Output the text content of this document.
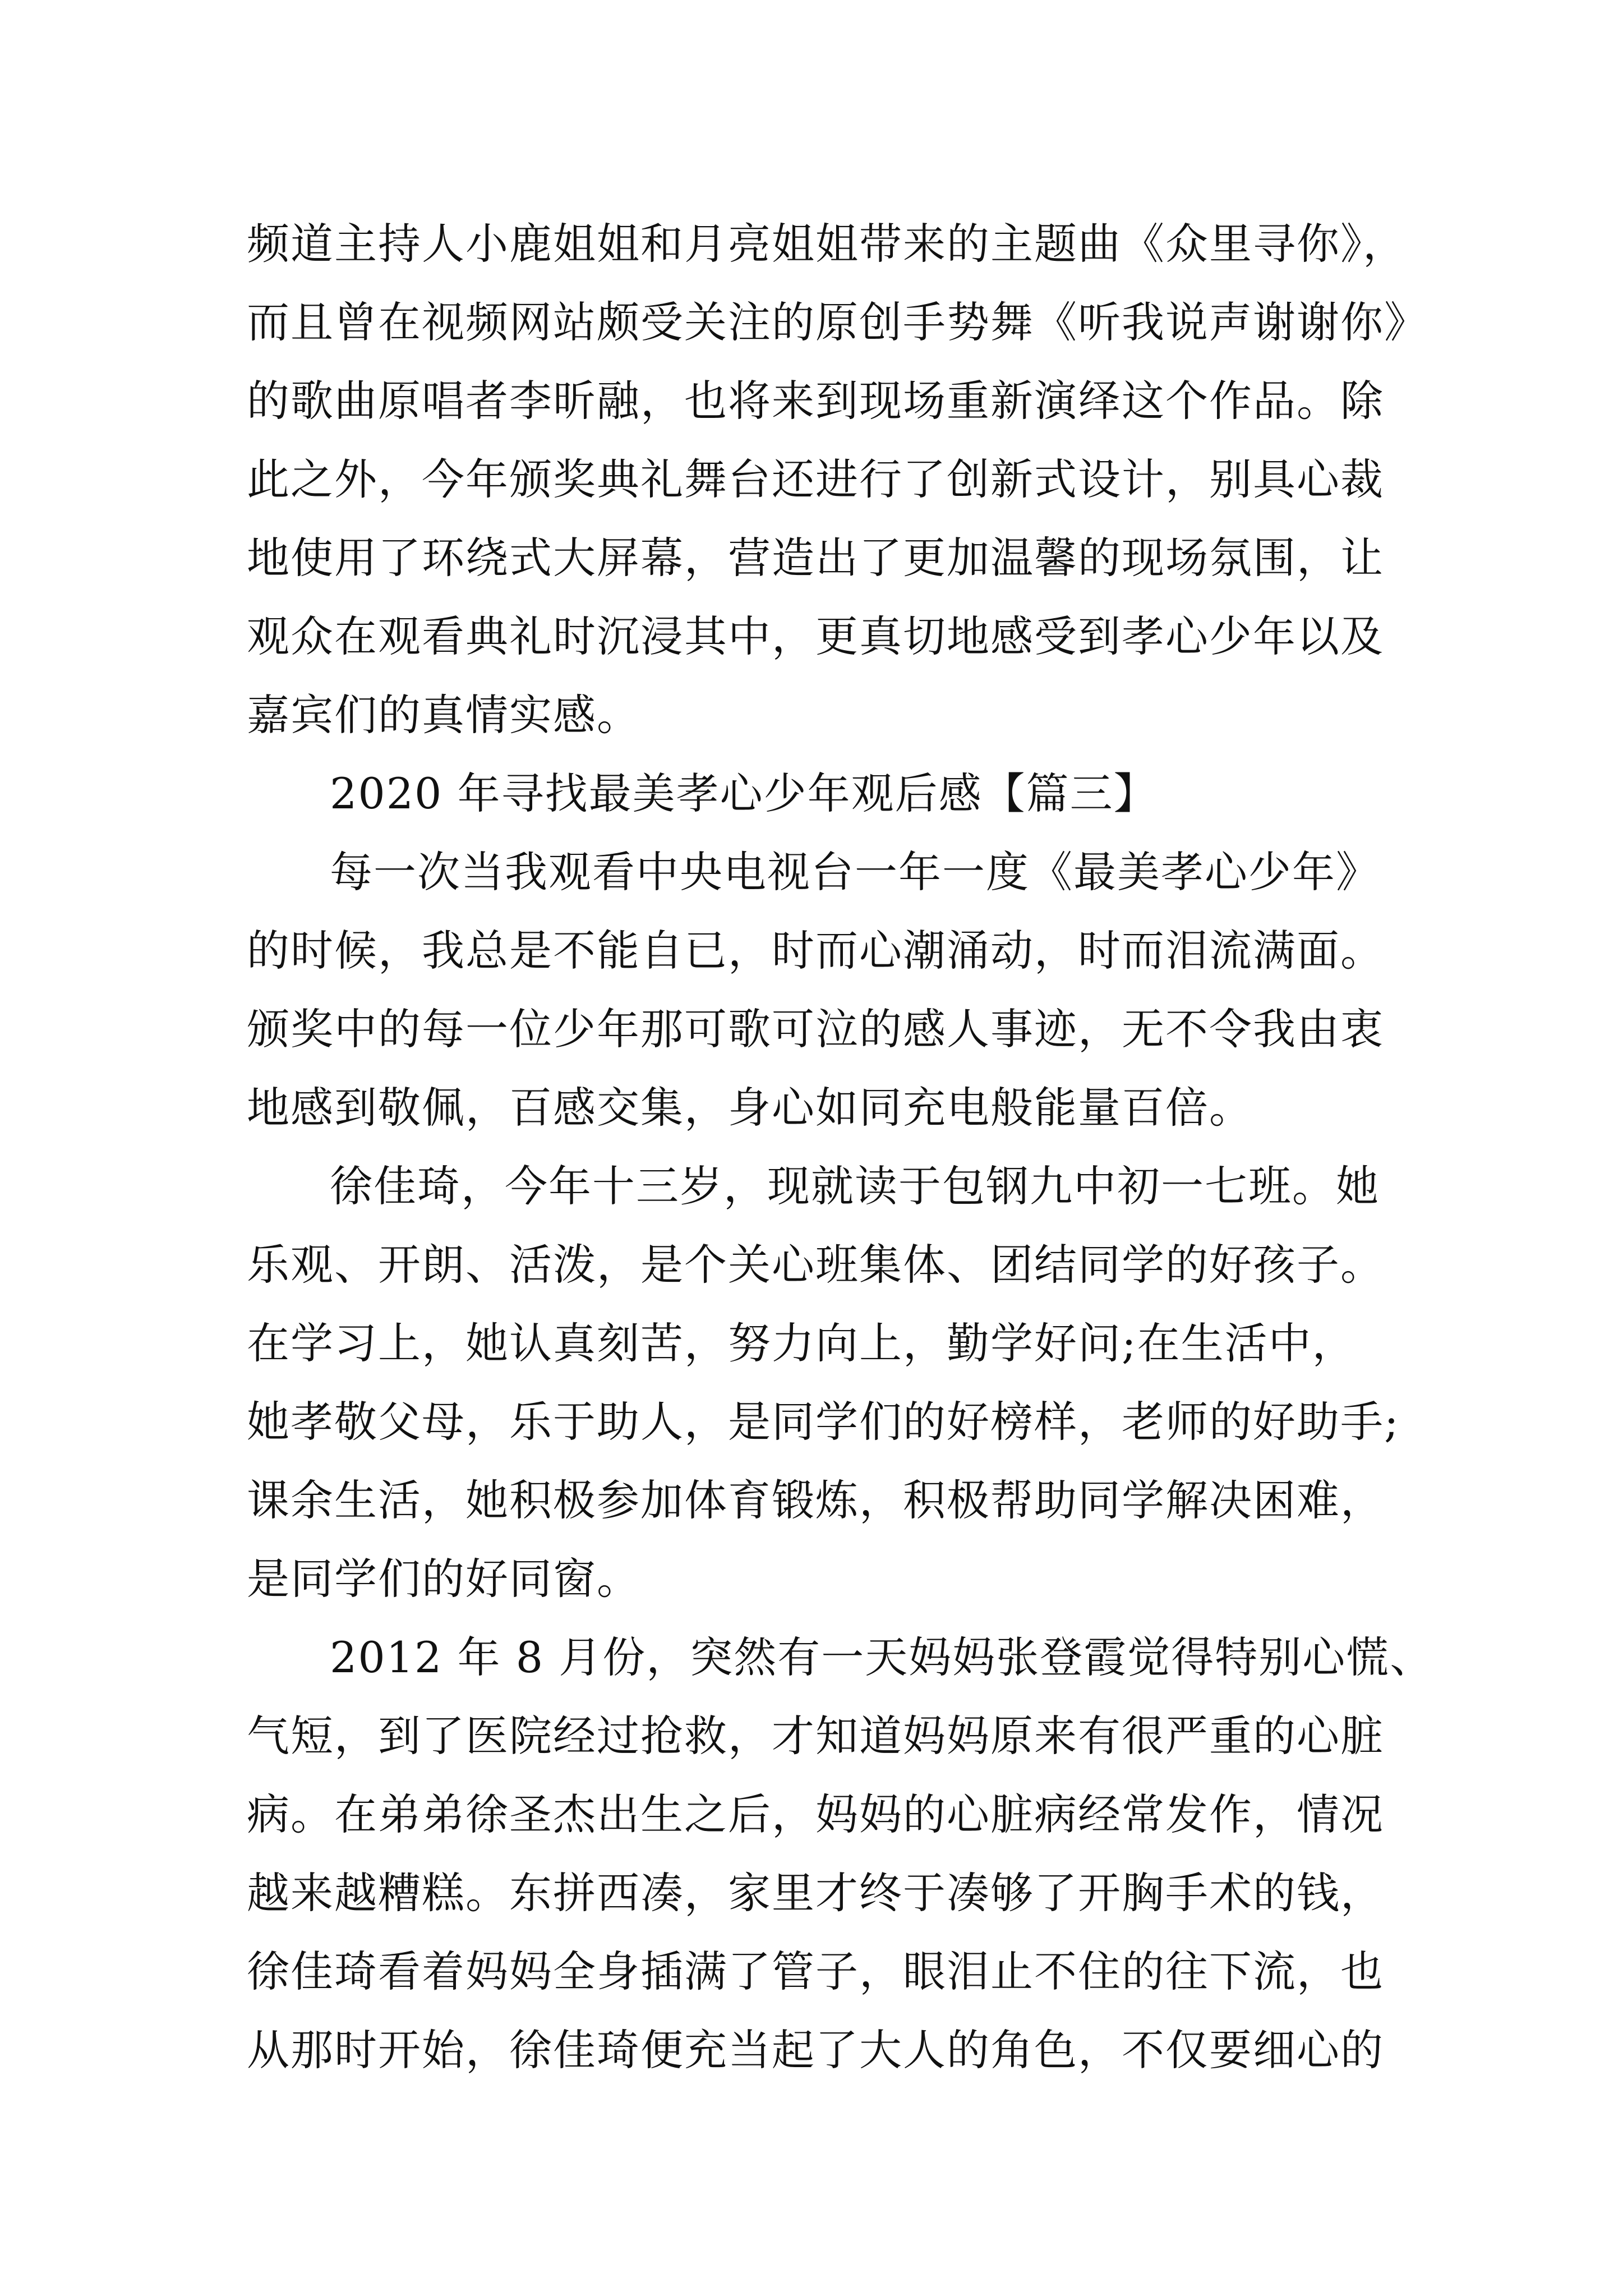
频道主持人小鹿姐姐和月亮姐姐带来的主题曲《众里寻你》，
而且曾在视频网站颇受关注的原创手势舞《听我说声谢谢你》
的歌曲原唱者李昕融，也将来到现场重新演绎这个作品。除
此之外，今年颁奖典礼舞台还进行了创新式设计，别具心裁
地使用了环绕式大屏幕，营造出了更加温馨的现场氛围，让
观众在观看典礼时沉浸其中，更真切地感受到孝心少年以及
嘉宾们的真情实感。
2020 年寻找最美孝心少年观后感【篇三】
每一次当我观看中央电视台一年一度《最美孝心少年》
的时候，我总是不能自已，时而心潮涌动，时而泪流满面。
颁奖中的每一位少年那可歌可泣的感人事迹，无不令我由衷
地感到敬佩，百感交集，身心如同充电般能量百倍。
徐佳琦，今年十三岁，现就读于包钢九中初一七班。她
乐观、开朗、活泼，是个关心班集体、团结同学的好孩子。
在学习上，她认真刻苦，努力向上，勤学好问;在生活中，
她孝敬父母，乐于助人，是同学们的好榜样，老师的好助手;
课余生活，她积极参加体育锻炼，积极帮助同学解决困难，
是同学们的好同窗。
2012 年 8 月份，突然有一天妈妈张登霞觉得特别心慌、
气短，到了医院经过抢救，才知道妈妈原来有很严重的心脏
病。在弟弟徐圣杰出生之后，妈妈的心脏病经常发作，情况
越来越糟糕。东拼西凑，家里才终于凑够了开胸手术的钱，
徐佳琦看着妈妈全身插满了管子，眼泪止不住的往下流，也
从那时开始，徐佳琦便充当起了大人的角色，不仅要细心的
